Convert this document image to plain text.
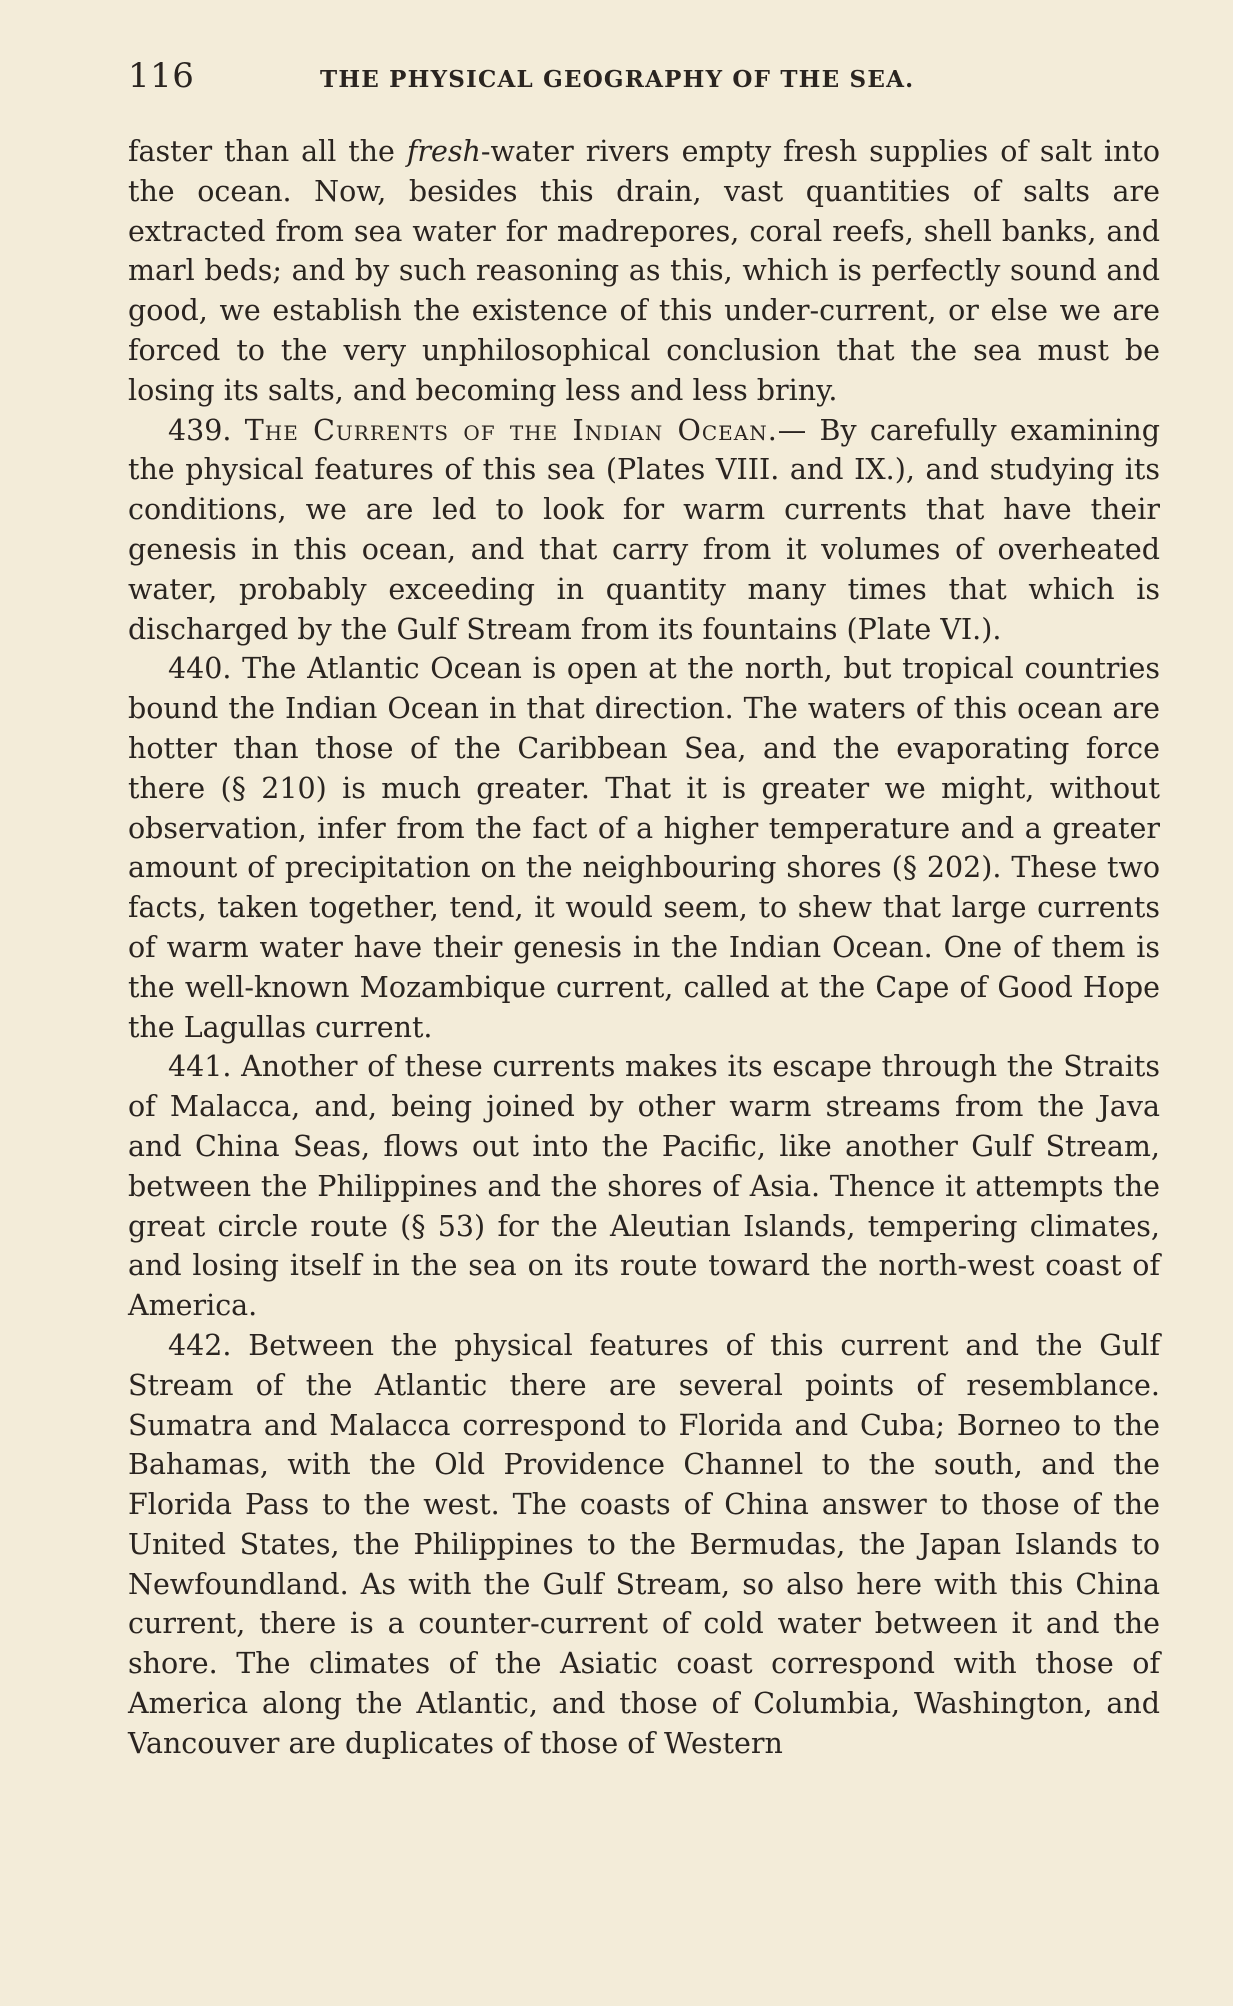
116	THE PHYSICAL GEOGRAPHY OF THE SEA.

faster than all the fresh-water rivers empty fresh supplies of salt into the ocean. Now, besides this drain, vast quantities of salts are extracted from sea water for madrepores, coral reefs, shell banks, and marl beds; and by such reasoning as this, which is perfectly sound and good, we establish the existence of this under-current, or else we are forced to the very unphilosophical conclusion that the sea must be losing its salts, and becoming less and less briny.

439. The Currents of the Indian Ocean.— By carefully examining the physical features of this sea (Plates VIII. and IX.), and studying its conditions, we are led to look for warm currents that have their genesis in this ocean, and that carry from it volumes of overheated water, probably exceeding in quantity many times that which is discharged by the Gulf Stream from its fountains (Plate VI.).

440. The Atlantic Ocean is open at the north, but tropical countries bound the Indian Ocean in that direction. The waters of this ocean are hotter than those of the Caribbean Sea, and the evaporating force there (§ 210) is much greater. That it is greater we might, without observation, infer from the fact of a higher temperature and a greater amount of precipitation on the neighbouring shores (§ 202). These two facts, taken together, tend, it would seem, to shew that large currents of warm water have their genesis in the Indian Ocean. One of them is the well-known Mozambique current, called at the Cape of Good Hope the Lagullas current.

441. Another of these currents makes its escape through the Straits of Malacca, and, being joined by other warm streams from the Java and China Seas, flows out into the Pacific, like another Gulf Stream, between the Philippines and the shores of Asia. Thence it attempts the great circle route (§ 53) for the Aleutian Islands, tempering climates, and losing itself in the sea on its route toward the north-west coast of America.

442. Between the physical features of this current and the Gulf Stream of the Atlantic there are several points of resemblance. Sumatra and Malacca correspond to Florida and Cuba; Borneo to the Bahamas, with the Old Providence Channel to the south, and the Florida Pass to the west. The coasts of China answer to those of the United States, the Philippines to the Bermudas, the Japan Islands to Newfoundland. As with the Gulf Stream, so also here with this China current, there is a counter-current of cold water between it and the shore. The climates of the Asiatic coast correspond with those of America along the Atlantic, and those of Columbia, Washington, and Vancouver are duplicates of those of Western
